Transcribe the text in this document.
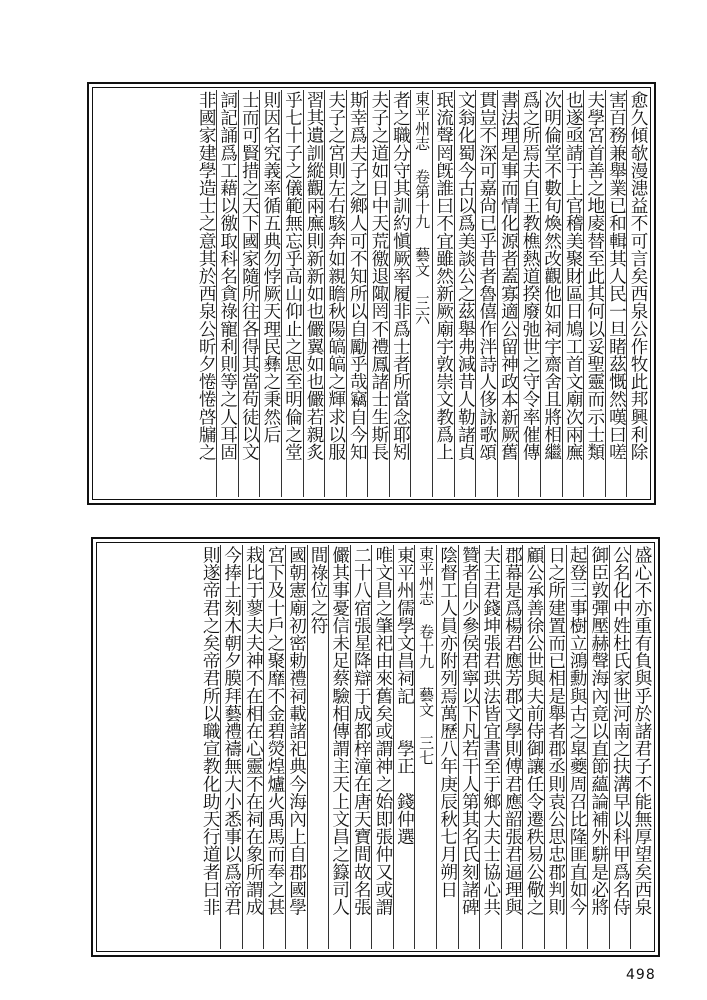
愈久傾欹漫漶益不可言矣西泉公作牧此邦興利除
害百務兼舉業已和輯其人民一旦睹茲慨然嘆曰嗟
夫學宮首善之地庱替至此其何以妥聖靈而示士類
也遂亟請于上官稽美聚財區日鳩工首文廟次兩廡
次明倫堂不數旬煥然改觀他如祠宇齋舍且將相繼
爲之所焉夫自王教樵熱道揆廢弛世之守令率催傳
書法理是事而情化源者蓋寡適公留神政本新厥舊
貫豈不深可嘉尙已乎昔者魯僖作泮詩人侈詠歌頌
文翁化蜀今古以爲美談公之茲舉弗減昔人勒諸貞
珉流聲罔旣誰曰不宜雖然新厥廟宇敦崇文教爲上
東平州志 卷第十九 藝文 三六
者之職分守其訓約愼厥率履非爲士者所當念耶矧
夫子之道如日中天荒徼退陬罔不禮鳳諸士生斯長
斯幸爲夫子之鄉人可不知所以自勵乎哉竊自今知
夫子之宮則左右駭奔如親瞻秋陽皜皜之輝求以服
習其遺訓縱觀兩廡則新新如也儼翼如也儼若親炙
乎七十子之儀範無忘乎高山仰止之思至明倫之堂
則因名究義率循五典勿悖厥天理民彝之秉然后
士而可賢措之天下國家隨所往各得其當苟徒以文
詞記誦爲工藉以徼取科名貪祿寵利則等之人耳固
非國家建學造士之意其於西泉公昕夕惓惓啓牖之
盛心不亦重有負與乎於諸君子不能無厚望矣西泉
公名化中姓杜氏家世河南之扶溝早以科甲爲名侍
御臣敦彈壓赫聲海內竟以直節蘊論補外駢是必將
起登三事樹立鴻勳與古之皐夔周召比隆匪直如今
日之所建置而已相是舉者郡丞則袁公思忠郡判則
顧公承善徐公世與夫前侍御讓任令遷秩易公儆之
郡幕是爲楊君應芳郡文學則傅君應韶張君逼理與
夫王君錢坤張君珙法皆宜書至于鄉大夫士協心共
贊者自少參侯君寧以下凡若干人第其名氏刻諸碑
陰督工人員亦附列焉萬歷八年庚辰秋七月朔日
東平州志 卷十九 藝文 三七
東平州儒學文昌祠記　　學正　錢仲選
唯文昌之肇祀由來舊矣或謂神之始即張仲又或謂
二十八宿張星降辯于成都梓潼在唐天寶間故名張
儼其事憂信未足蔡驗相傳謂主天上文昌之籙司人
間祿位之符
國朝憲廟初密勅禮祠載諸祀典今海內上自郡國學
宮下及十戶之聚靡不金碧熒煌爐火禹馬而奉之甚
栽比于蓼夫夫神不在相在心靈不在祠在象所謂成
今捧土刻木朝夕膜拜藝禮禱無大小悉事以爲帝君
則遂帝君之矣帝君所以職宣教化助天行道者曰非
498
